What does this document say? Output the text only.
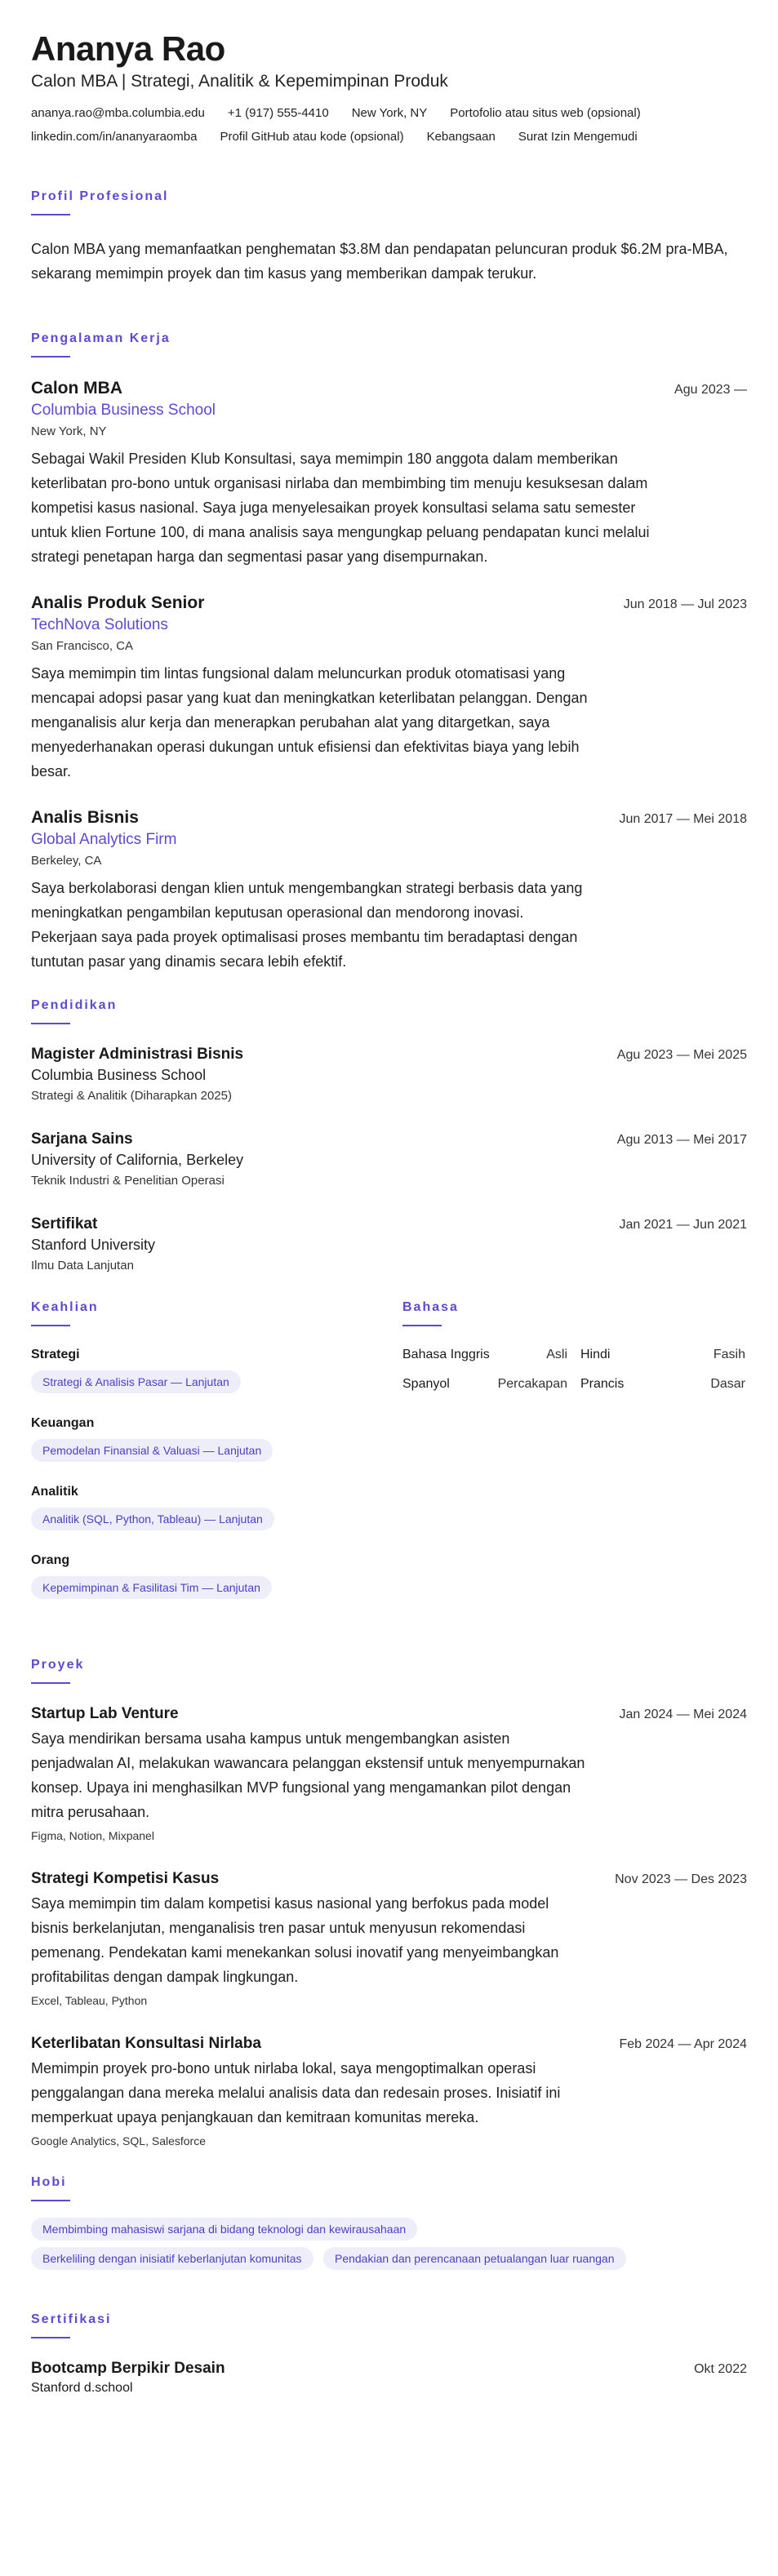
Ananya Rao
Calon MBA | Strategi, Analitik & Kepemimpinan Produk
ananya.rao@mba.columbia.edu +1 (917) 555-4410 New York, NY Portofolio atau situs web (opsional)
linkedin.com/in/ananyaraomba Profil GitHub atau kode (opsional) Kebangsaan Surat Izin Mengemudi
Profil Profesional

Calon MBA yang memanfaatkan penghematan $3.8M dan pendapatan peluncuran produk $6.2M pra-MBA, sekarang memimpin proyek dan tim kasus yang memberikan dampak terukur.

Pengalaman Kerja
Calon MBA	Agu 2023 —
Columbia Business School
New York, NY

Sebagai Wakil Presiden Klub Konsultasi, saya memimpin 180 anggota dalam memberikan keterlibatan pro-bono untuk organisasi nirlaba dan membimbing tim menuju kesuksesan dalam kompetisi kasus nasional. Saya juga menyelesaikan proyek konsultasi selama satu semester untuk klien Fortune 100, di mana analisis saya mengungkap peluang pendapatan kunci melalui strategi penetapan harga dan segmentasi pasar yang disempurnakan.

Analis Produk Senior	Jun 2018 — Jul 2023
TechNova Solutions
San Francisco, CA

Saya memimpin tim lintas fungsional dalam meluncurkan produk otomatisasi yang mencapai adopsi pasar yang kuat dan meningkatkan keterlibatan pelanggan. Dengan menganalisis alur kerja dan menerapkan perubahan alat yang ditargetkan, saya menyederhanakan operasi dukungan untuk efisiensi dan efektivitas biaya yang lebih besar.

Analis Bisnis	Jun 2017 — Mei 2018
Global Analytics Firm
Berkeley, CA

Saya berkolaborasi dengan klien untuk mengembangkan strategi berbasis data yang meningkatkan pengambilan keputusan operasional dan mendorong inovasi. Pekerjaan saya pada proyek optimalisasi proses membantu tim beradaptasi dengan tuntutan pasar yang dinamis secara lebih efektif.

Pendidikan
Magister Administrasi Bisnis	Agu 2023 — Mei 2025
Columbia Business School
Strategi & Analitik (Diharapkan 2025)
Sarjana Sains	Agu 2013 — Mei 2017
University of California, Berkeley
Teknik Industri & Penelitian Operasi
Sertifikat	Jan 2021 — Jun 2021
Stanford University
Ilmu Data Lanjutan
Keahlian
Strategi
Strategi & Analisis Pasar — Lanjutan
Keuangan
Pemodelan Finansial & Valuasi — Lanjutan
Analitik
Analitik (SQL, Python, Tableau) — Lanjutan
Orang
Kepemimpinan & Fasilitasi Tim — Lanjutan
Bahasa
Bahasa Inggris	Asli Hindi	Fasih
Spanyol	Percakapan Prancis	Dasar
Proyek
Startup Lab Venture	Jan 2024 — Mei 2024

Saya mendirikan bersama usaha kampus untuk mengembangkan asisten penjadwalan AI, melakukan wawancara pelanggan ekstensif untuk menyempurnakan konsep. Upaya ini menghasilkan MVP fungsional yang mengamankan pilot dengan mitra perusahaan.

Figma, Notion, Mixpanel
Strategi Kompetisi Kasus	Nov 2023 — Des 2023

Saya memimpin tim dalam kompetisi kasus nasional yang berfokus pada model bisnis berkelanjutan, menganalisis tren pasar untuk menyusun rekomendasi pemenang. Pendekatan kami menekankan solusi inovatif yang menyeimbangkan profitabilitas dengan dampak lingkungan.

Excel, Tableau, Python
Keterlibatan Konsultasi Nirlaba	Feb 2024 — Apr 2024

Memimpin proyek pro-bono untuk nirlaba lokal, saya mengoptimalkan operasi penggalangan dana mereka melalui analisis data dan redesain proses. Inisiatif ini memperkuat upaya penjangkauan dan kemitraan komunitas mereka.

Google Analytics, SQL, Salesforce
Hobi
Membimbing mahasiswi sarjana di bidang teknologi dan kewirausahaan
Berkeliling dengan inisiatif keberlanjutan komunitas	Pendakian dan perencanaan petualangan luar ruangan
Sertifikasi
Bootcamp Berpikir Desain	Okt 2022
Stanford d.school
